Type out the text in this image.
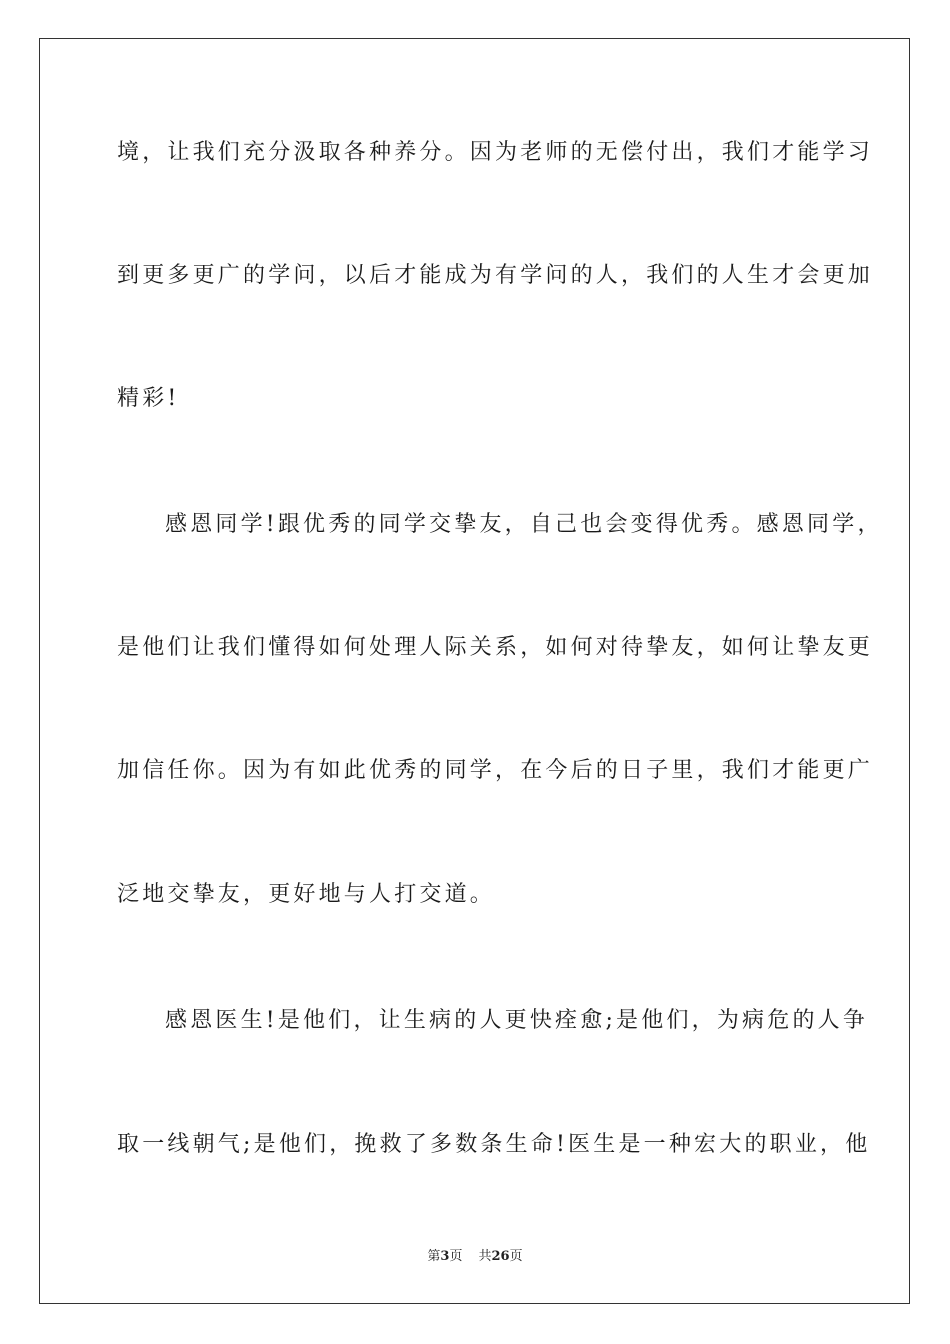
境，让我们充分汲取各种养分。因为老师的无偿付出，我们才能学习
到更多更广的学问，以后才能成为有学问的人，我们的人生才会更加
精彩!
感恩同学!跟优秀的同学交挚友，自己也会变得优秀。感恩同学，
是他们让我们懂得如何处理人际关系，如何对待挚友，如何让挚友更
加信任你。因为有如此优秀的同学，在今后的日子里，我们才能更广
泛地交挚友，更好地与人打交道。
感恩医生!是他们，让生病的人更快痊愈;是他们，为病危的人争
取一线朝气;是他们，挽救了多数条生命!医生是一种宏大的职业，他
第3页 共26页
